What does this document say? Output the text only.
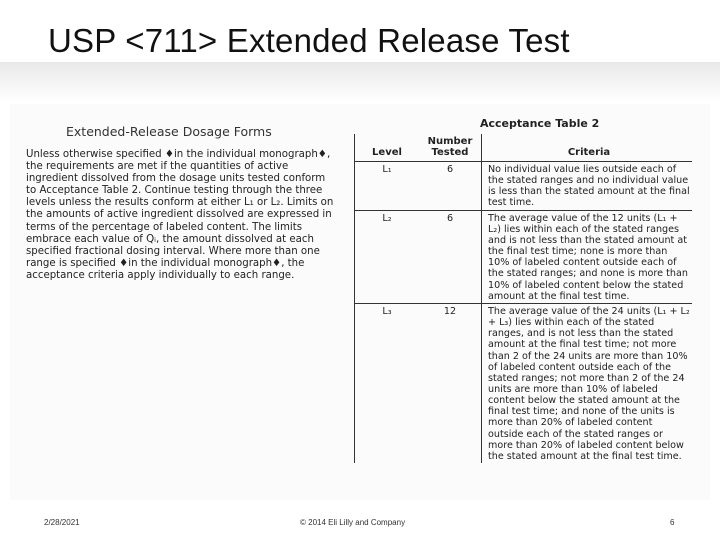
USP <711> Extended Release Test
Extended-Release Dosage Forms

Unless otherwise specified ♦in the individual monograph♦, the requirements are met if the quantities of active ingredient dissolved from the dosage units tested conform to Acceptance Table 2. Continue testing through the three levels unless the results conform at either L₁ or L₂. Limits on the amounts of active ingredient dissolved are expressed in terms of the percentage of labeled content. The limits embrace each value of Qᵢ, the amount dissolved at each specified fractional dosing interval. Where more than one range is specified ♦in the individual monograph♦, the acceptance criteria apply individually to each range.

Acceptance Table 2
Level	Number Tested	Criteria
L₁	6	No individual value lies outside each of the stated ranges and no individual value is less than the stated amount at the final test time.
L₂	6	The average value of the 12 units (L₁ + L₂) lies within each of the stated ranges and is not less than the stated amount at the final test time; none is more than 10% of labeled content outside each of the stated ranges; and none is more than 10% of labeled content below the stated amount at the final test time.
L₃	12	The average value of the 24 units (L₁ + L₂ + L₃) lies within each of the stated ranges, and is not less than the stated amount at the final test time; not more than 2 of the 24 units are more than 10% of labeled content outside each of the stated ranges; not more than 2 of the 24 units are more than 10% of labeled content below the stated amount at the final test time; and none of the units is more than 20% of labeled content outside each of the stated ranges or more than 20% of labeled content below the stated amount at the final test time.
2/28/2021	© 2014 Eli Lilly and Company	6
